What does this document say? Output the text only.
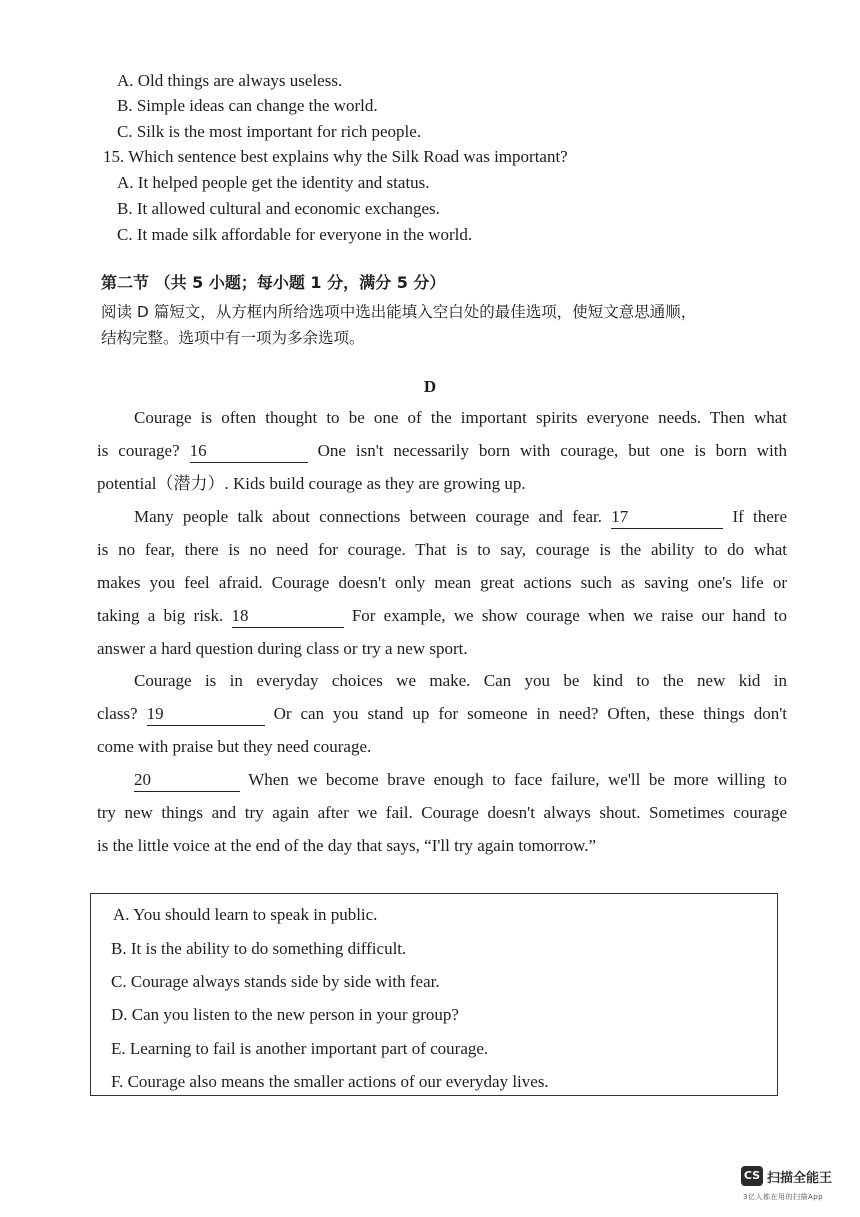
A. Old things are always useless.
B. Simple ideas can change the world.
C. Silk is the most important for rich people.
15. Which sentence best explains why the Silk Road was important?
A. It helped people get the identity and status.
B. It allowed cultural and economic exchanges.
C. It made silk affordable for everyone in the world.
第二节 （共 5 小题；每小题 1 分，满分 5 分）
阅读 D 篇短文，从方框内所给选项中选出能填入空白处的最佳选项，使短文意思通顺，
结构完整。选项中有一项为多余选项。
D
Courage is often thought to be one of the important spirits everyone needs. Then what
is courage? 16	One isn't necessarily born with courage, but one is born with
potential（潜力）. Kids build courage as they are growing up.
Many people talk about connections between courage and fear. 17	If there
is no fear, there is no need for courage. That is to say, courage is the ability to do what
makes you feel afraid. Courage doesn't only mean great actions such as saving one's life or
taking a big risk. 18	For example, we show courage when we raise our hand to
answer a hard question during class or try a new sport.
Courage is in everyday choices we make. Can you be kind to the new kid in
class? 19	Or can you stand up for someone in need? Often, these things don't
come with praise but they need courage.
20	When we become brave enough to face failure, we'll be more willing to
try new things and try again after we fail. Courage doesn't always shout. Sometimes courage
is the little voice at the end of the day that says, “I'll try again tomorrow.”
A. You should learn to speak in public.
B. It is the ability to do something difficult.
C. Courage always stands side by side with fear.
D. Can you listen to the new person in your group?
E. Learning to fail is another important part of courage.
F. Courage also means the smaller actions of our everyday lives.
CS 扫描全能王
3亿人都在用的扫描App
